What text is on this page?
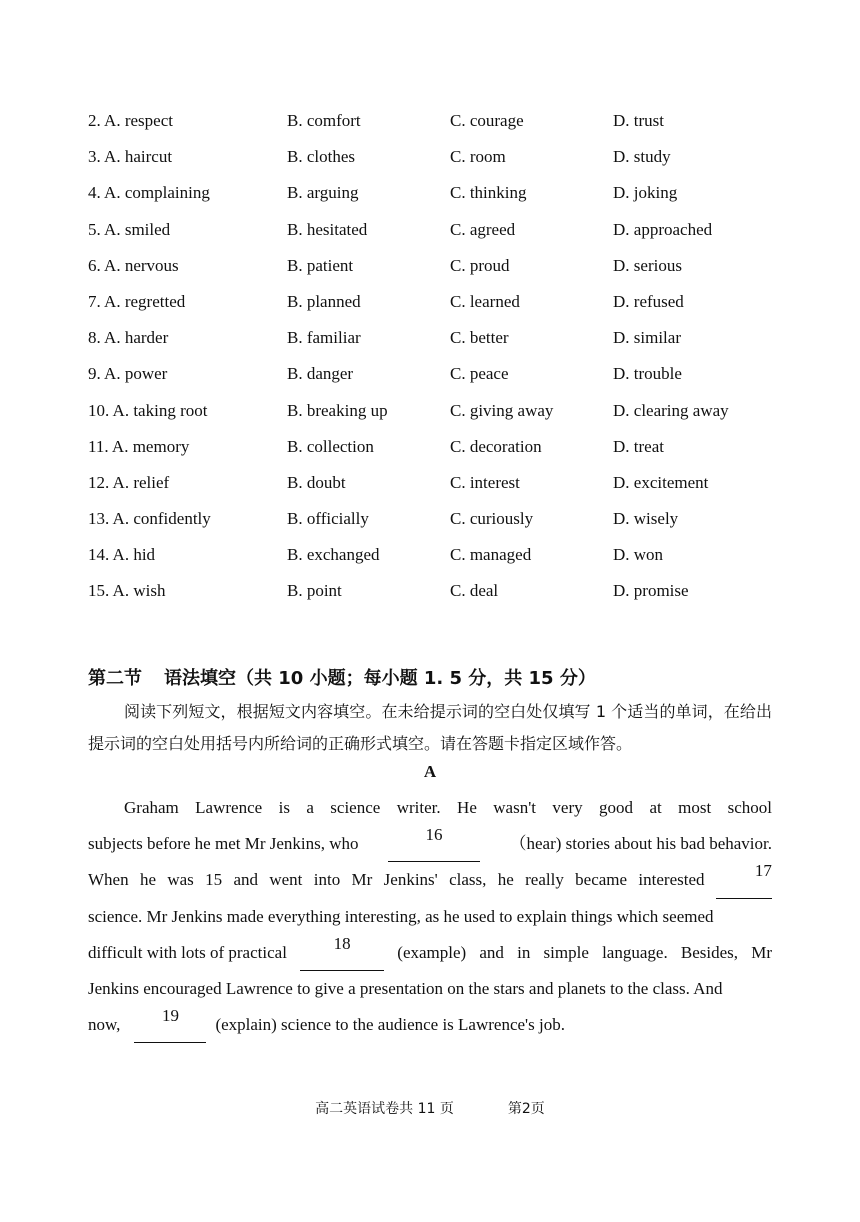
2. A. respect	B. comfort	C. courage	D. trust
3. A. haircut	B. clothes	C. room	D. study
4. A. complaining	B. arguing	C. thinking	D. joking
5. A. smiled	B. hesitated	C. agreed	D. approached
6. A. nervous	B. patient	C. proud	D. serious
7. A. regretted	B. planned	C. learned	D. refused
8. A. harder	B. familiar	C. better	D. similar
9. A. power	B. danger	C. peace	D. trouble
10. A. taking root	B. breaking up	C. giving away	D. clearing away
11. A. memory	B. collection	C. decoration	D. treat
12. A. relief	B. doubt	C. interest	D. excitement
13. A. confidently	B. officially	C. curiously	D. wisely
14. A. hid	B. exchanged	C. managed	D. won
15. A. wish	B. point	C. deal	D. promise
第二节 语法填空（共 10 小题；每小题 1. 5 分，共 15 分）
阅读下列短文，根据短文内容填空。在未给提示词的空白处仅填写 1 个适当的单词，在给出提示词的空白处用括号内所给词的正确形式填空。请在答题卡指定区域作答。
A
Graham Lawrence is a science writer. He wasn't very good at most school
subjects before he met Mr Jenkins, who	16	（hear) stories about his bad behavior.
When he was 15 and went into Mr Jenkins' class, he really became interested	17
science. Mr Jenkins made everything interesting, as he used to explain things which seemed
difficult with lots of practical	18	(example) and in simple language. Besides, Mr
Jenkins encouraged Lawrence to give a presentation on the stars and planets to the class. And
now,	19	(explain) science to the audience is Lawrence's job.
高二英语试卷共 11 页	第2页
